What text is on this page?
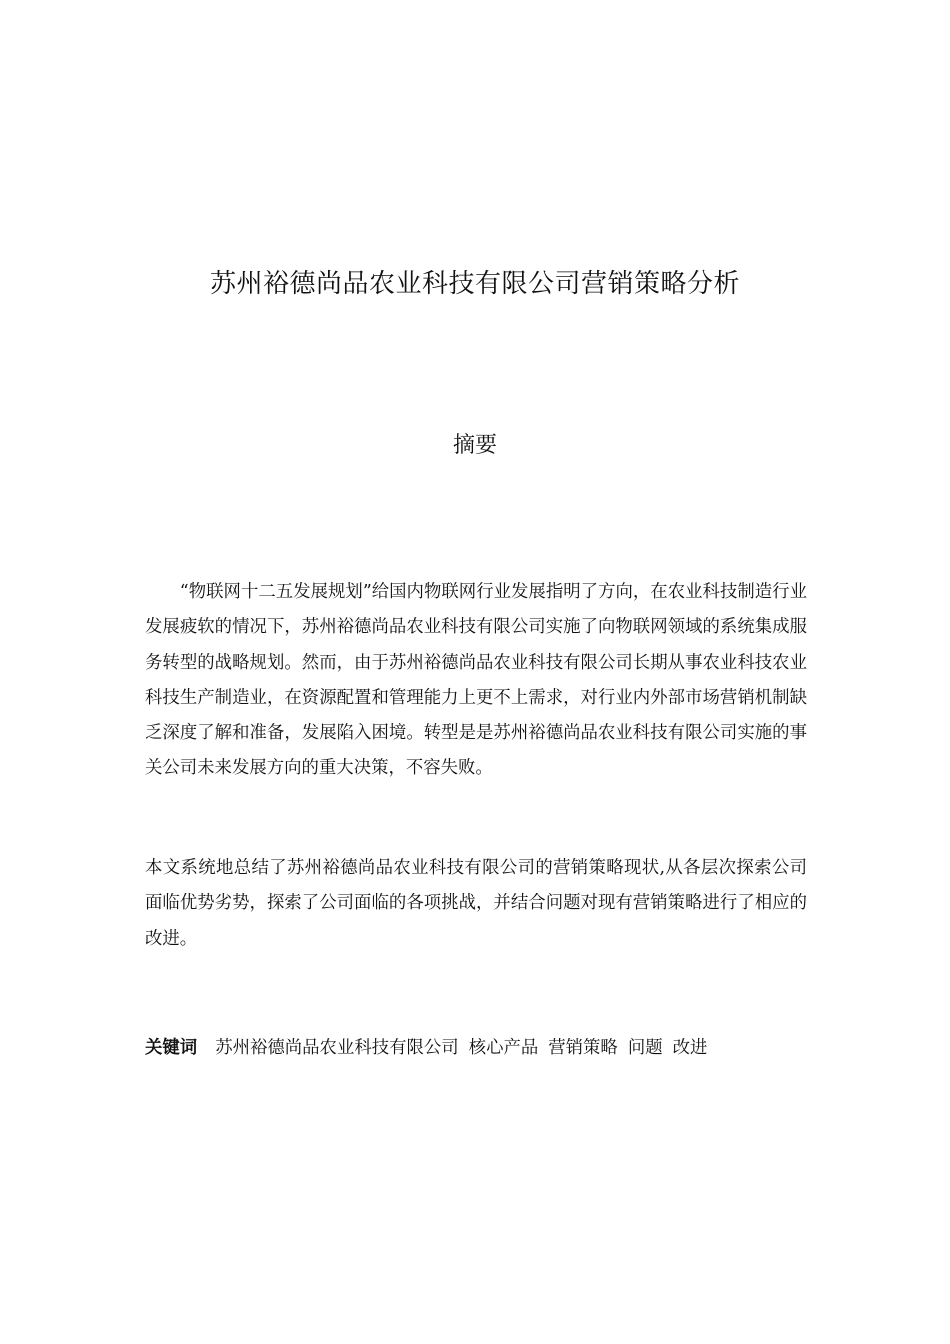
苏州裕德尚品农业科技有限公司营销策略分析
摘要

“物联网十二五发展规划”给国内物联网行业发展指明了方向，在农业科技制造行业发展疲软的情况下，苏州裕德尚品农业科技有限公司实施了向物联网领域的系统集成服务转型的战略规划。然而，由于苏州裕德尚品农业科技有限公司长期从事农业科技农业科技生产制造业，在资源配置和管理能力上更不上需求，对行业内外部市场营销机制缺乏深度了解和准备，发展陷入困境。转型是是苏州裕德尚品农业科技有限公司实施的事关公司未来发展方向的重大决策，不容失败。

本文系统地总结了苏州裕德尚品农业科技有限公司的营销策略现状,从各层次探索公司面临优势劣势，探索了公司面临的各项挑战，并结合问题对现有营销策略进行了相应的改进。

关键词 苏州裕德尚品农业科技有限公司 核心产品 营销策略 问题 改进
